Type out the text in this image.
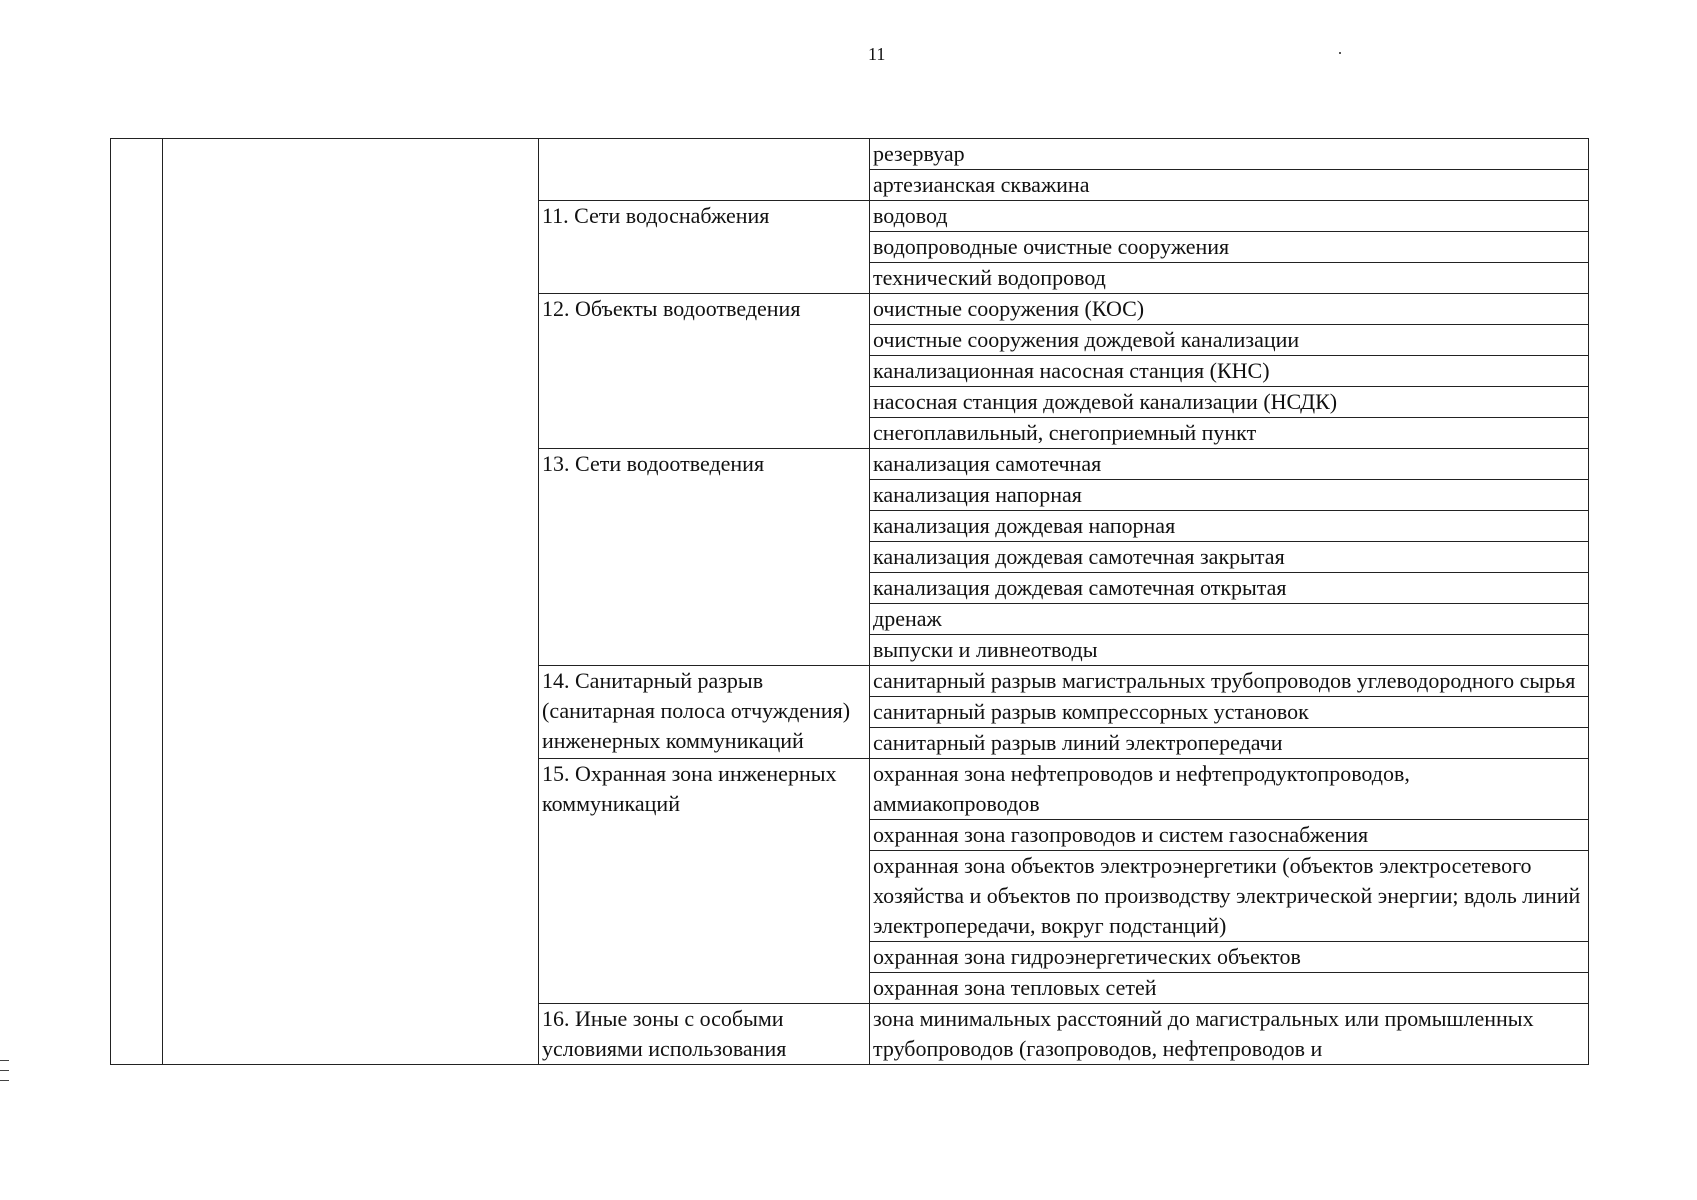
11
			резервуар
			артезианская скважина
		11. Сети водоснабжения	водовод
			водопроводные очистные сооружения
			технический водопровод
		12. Объекты водоотведения	очистные сооружения (КОС)
			очистные сооружения дождевой канализации
			канализационная насосная станция (КНС)
			насосная станция дождевой канализации (НСДК)
			снегоплавильный, снегоприемный пункт
		13. Сети водоотведения	канализация самотечная
			канализация напорная
			канализация дождевая напорная
			канализация дождевая самотечная закрытая
			канализация дождевая самотечная открытая
			дренаж
			выпуски и ливнеотводы
		14. Санитарный разрыв (санитарная полоса отчуждения) инженерных коммуникаций	санитарный разрыв магистральных трубопроводов углеводородного сырья
			санитарный разрыв компрессорных установок
			санитарный разрыв линий электропередачи
		15. Охранная зона инженерных коммуникаций	охранная зона нефтепроводов и нефтепродуктопроводов, аммиакопроводов
			охранная зона газопроводов и систем газоснабжения
			охранная зона объектов электроэнергетики (объектов электросетевого хозяйства и объектов по производству электрической энергии; вдоль линий электропередачи, вокруг подстанций)
			охранная зона гидроэнергетических объектов
			охранная зона тепловых сетей
		16. Иные зоны с особыми условиями использования	зона минимальных расстояний до магистральных или промышленных трубопроводов (газопроводов, нефтепроводов и
